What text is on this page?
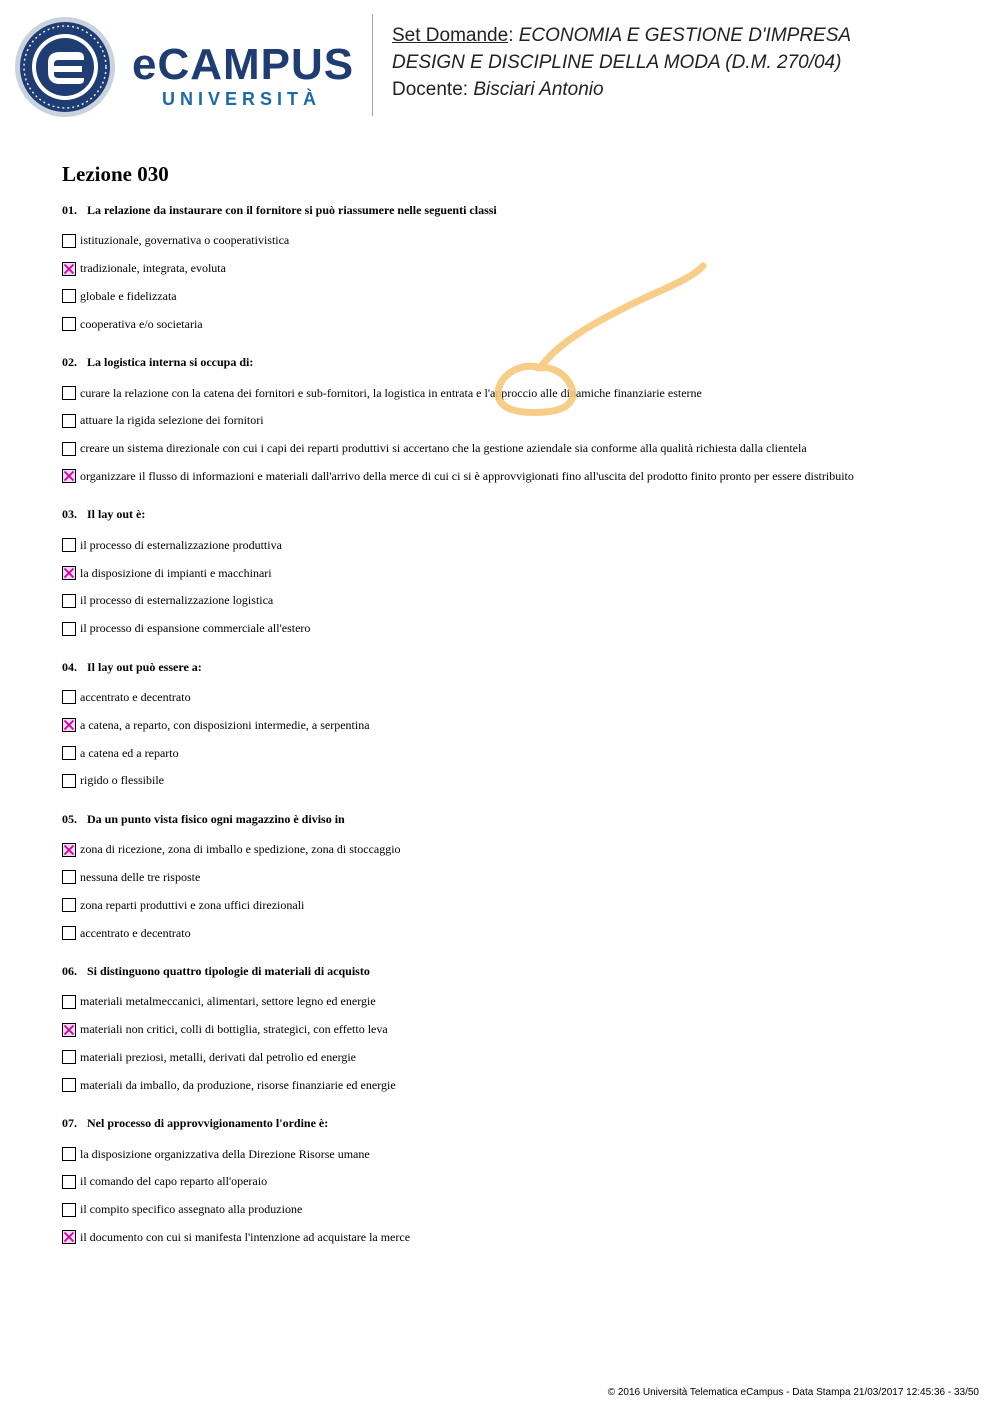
eCAMPUS
UNIVERSITÀ
Set Domande: ECONOMIA E GESTIONE D'IMPRESA
DESIGN E DISCIPLINE DELLA MODA (D.M. 270/04)
Docente: Bisciari Antonio
Lezione 030
01. La relazione da instaurare con il fornitore si può riassumere nelle seguenti classi
istituzionale, governativa o cooperativistica
tradizionale, integrata, evoluta
globale e fidelizzata
cooperativa e/o societaria
02. La logistica interna si occupa di:
curare la relazione con la catena dei fornitori e sub-fornitori, la logistica in entrata e l'approccio alle dinamiche finanziarie esterne
attuare la rigida selezione dei fornitori
creare un sistema direzionale con cui i capi dei reparti produttivi si accertano che la gestione aziendale sia conforme alla qualità richiesta dalla clientela
organizzare il flusso di informazioni e materiali dall'arrivo della merce di cui ci si è approvvigionati fino all'uscita del prodotto finito pronto per essere distribuito
03. Il lay out è:
il processo di esternalizzazione produttiva
la disposizione di impianti e macchinari
il processo di esternalizzazione logistica
il processo di espansione commerciale all'estero
04. Il lay out può essere a:
accentrato e decentrato
a catena, a reparto, con disposizioni intermedie, a serpentina
a catena ed a reparto
rigido o flessibile
05. Da un punto vista fisico ogni magazzino è diviso in
zona di ricezione, zona di imballo e spedizione, zona di stoccaggio
nessuna delle tre risposte
zona reparti produttivi e zona uffici direzionali
accentrato e decentrato
06. Si distinguono quattro tipologie di materiali di acquisto
materiali metalmeccanici, alimentari, settore legno ed energie
materiali non critici, colli di bottiglia, strategici, con effetto leva
materiali preziosi, metalli, derivati dal petrolio ed energie
materiali da imballo, da produzione, risorse finanziarie ed energie
07. Nel processo di approvvigionamento l'ordine è:
la disposizione organizzativa della Direzione Risorse umane
il comando del capo reparto all'operaio
il compito specifico assegnato alla produzione
il documento con cui si manifesta l'intenzione ad acquistare la merce
© 2016 Università Telematica eCampus - Data Stampa 21/03/2017 12:45:36 - 33/50
